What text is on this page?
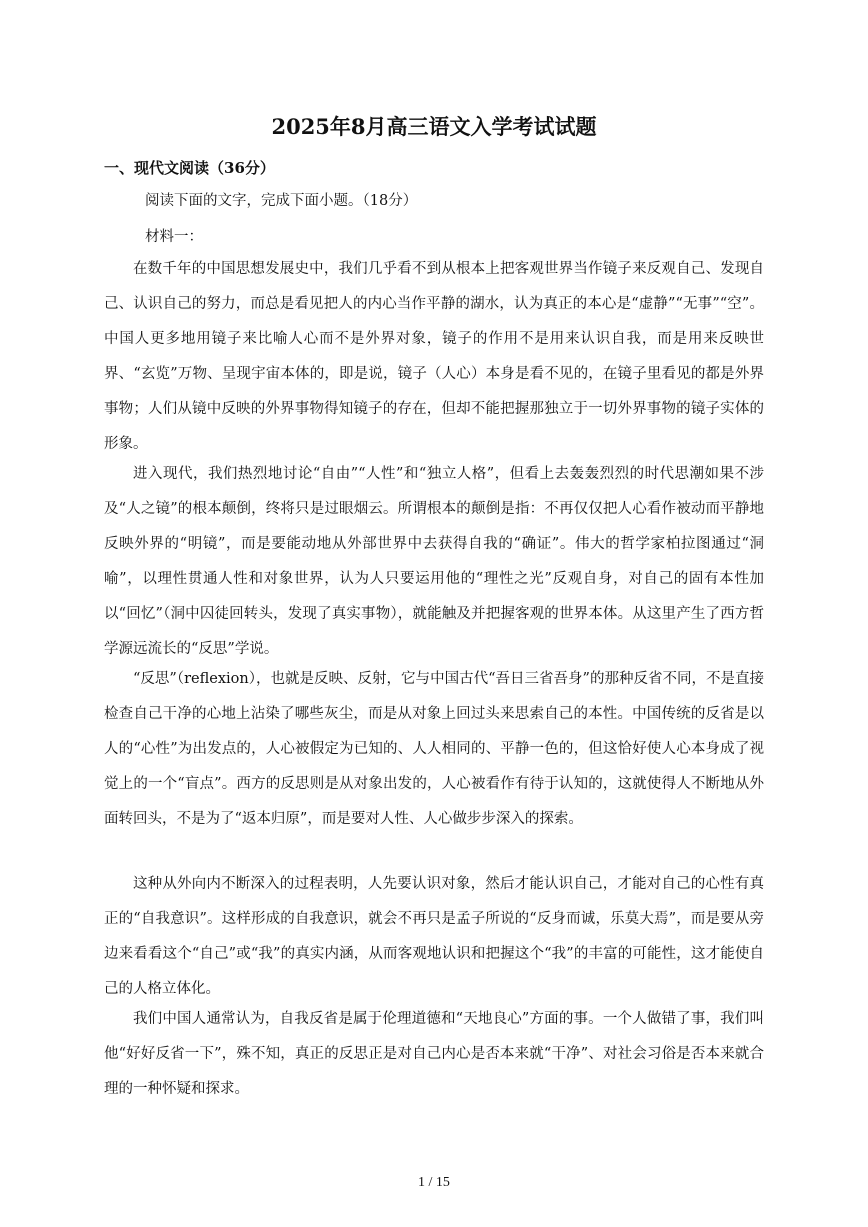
2025年8月高三语文入学考试试题
一、现代文阅读（36分）
阅读下面的文字，完成下面小题。（18分）
材料一：

在数千年的中国思想发展史中，我们几乎看不到从根本上把客观世界当作镜子来反观自己、发现自己、认识自己的努力，而总是看见把人的内心当作平静的湖水，认为真正的本心是“虚静”“无事”“空”。中国人更多地用镜子来比喻人心而不是外界对象，镜子的作用不是用来认识自我，而是用来反映世界、“玄览”万物、呈现宇宙本体的，即是说，镜子（人心）本身是看不见的，在镜子里看见的都是外界事物；人们从镜中反映的外界事物得知镜子的存在，但却不能把握那独立于一切外界事物的镜子实体的形象。

进入现代，我们热烈地讨论“自由”“人性”和“独立人格”，但看上去轰轰烈烈的时代思潮如果不涉及“人之镜”的根本颠倒，终将只是过眼烟云。所谓根本的颠倒是指：不再仅仅把人心看作被动而平静地反映外界的“明镜”，而是要能动地从外部世界中去获得自我的“确证”。伟大的哲学家柏拉图通过“洞喻”，以理性贯通人性和对象世界，认为人只要运用他的“理性之光”反观自身，对自己的固有本性加以“回忆”（洞中囚徒回转头，发现了真实事物），就能触及并把握客观的世界本体。从这里产生了西方哲学源远流长的“反思”学说。

“反思”（reflexion），也就是反映、反射，它与中国古代“吾日三省吾身”的那种反省不同，不是直接检查自己干净的心地上沾染了哪些灰尘，而是从对象上回过头来思索自己的本性。中国传统的反省是以人的“心性”为出发点的，人心被假定为已知的、人人相同的、平静一色的，但这恰好使人心本身成了视觉上的一个“盲点”。西方的反思则是从对象出发的，人心被看作有待于认知的，这就使得人不断地从外面转回头，不是为了“返本归原”，而是要对人性、人心做步步深入的探索。

这种从外向内不断深入的过程表明，人先要认识对象，然后才能认识自己，才能对自己的心性有真正的“自我意识”。这样形成的自我意识，就会不再只是孟子所说的“反身而诚，乐莫大焉”，而是要从旁边来看看这个“自己”或“我”的真实内涵，从而客观地认识和把握这个“我”的丰富的可能性，这才能使自己的人格立体化。

我们中国人通常认为，自我反省是属于伦理道德和“天地良心”方面的事。一个人做错了事，我们叫他“好好反省一下”，殊不知，真正的反思正是对自己内心是否本来就“干净”、对社会习俗是否本来就合理的一种怀疑和探求。

1 / 15
